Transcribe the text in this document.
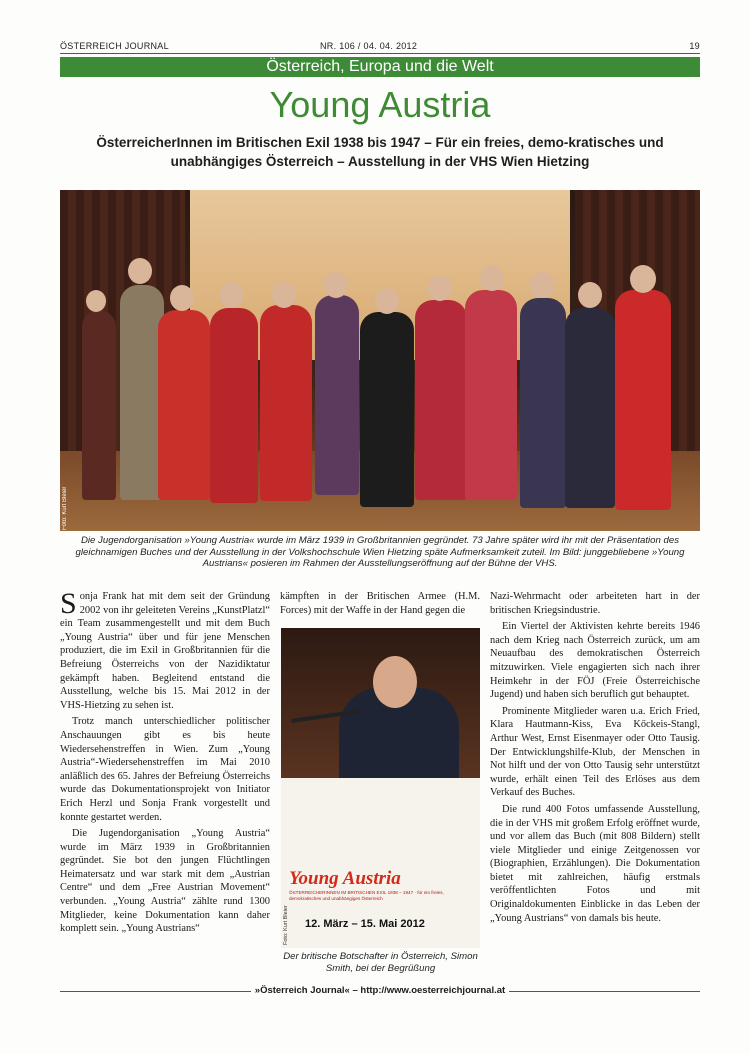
ÖSTERREICH JOURNAL	NR. 106 / 04. 04. 2012	19
Österreich, Europa und die Welt
Young Austria
ÖsterreicherInnen im Britischen Exil 1938 bis 1947 – Für ein freies, demo-kratisches und unabhängiges Österreich – Ausstellung in der VHS Wien Hietzing
Foto: Kurt Bleier
Die Jugendorganisation »Young Austria« wurde im März 1939 in Großbritannien gegründet. 73 Jahre später wird ihr mit der Präsentation des gleichnamigen Buches und der Ausstellung in der Volkshochschule Wien Hietzing späte Aufmerksamkeit zuteil. Im Bild: junggebliebene »Young Austrians« posieren im Rahmen der Ausstellungseröffnung auf der Bühne der VHS.

Sonja Frank hat mit dem seit der Gründung 2002 von ihr geleiteten Vereins „KunstPlatzl“ ein Team zusammengestellt und mit dem Buch „Young Austria“ über und für jene Menschen produziert, die im Exil in Großbritannien für die Befreiung Österreichs von der Nazidiktatur gekämpft haben. Begleitend entstand die Ausstellung, welche bis 15. Mai 2012 in der VHS-Hietzing zu sehen ist.

Trotz manch unterschiedlicher politischer Anschauungen gibt es bis heute Wiedersehenstreffen in Wien. Zum „Young Austria“-Wiedersehenstreffen im Mai 2010 anläßlich des 65. Jahres der Befreiung Österreichs wurde das Dokumentationsprojekt von Initiator Erich Herzl und Sonja Frank vorgestellt und konnte gestartet werden.

Die Jugendorganisation „Young Austria“ wurde im März 1939 in Großbritannien gegründet. Sie bot den jungen Flüchtlingen Heimatersatz und war stark mit dem „Austrian Centre“ und dem „Free Austrian Movement“ verbunden. „Young Austria“ zählte rund 1300 Mitglieder, keine Dokumentation kann daher komplett sein. „Young Austrians“

kämpften in der Britischen Armee (H.M. Forces) mit der Waffe in der Hand gegen die

Young Austria
ÖSTERREICHERINNEN IM BRITISCHEN EXIL 1938 – 1947 · für ein freies, demokratisches und unabhängiges Österreich
12. März – 15. Mai 2012
Foto: Kurt Bleier
Der britische Botschafter in Österreich, Simon Smith, bei der Begrüßung

Nazi-Wehrmacht oder arbeiteten hart in der britischen Kriegsindustrie.

Ein Viertel der Aktivisten kehrte bereits 1946 nach dem Krieg nach Österreich zurück, um am Neuaufbau des demokratischen Österreich mitzuwirken. Viele engagierten sich nach ihrer Heimkehr in der FÖJ (Freie Österreichische Jugend) und haben sich beruflich gut behauptet.

Prominente Mitglieder waren u.a. Erich Fried, Klara Hautmann-Kiss, Eva Kőckeis-Stangl, Arthur West, Ernst Eisenmayer oder Otto Tausig. Der Entwicklungshilfe-Klub, der Menschen in Not hilft und der von Otto Tausig sehr unterstützt wurde, erhält einen Teil des Erlöses aus dem Verkauf des Buches.

Die rund 400 Fotos umfassende Ausstellung, die in der VHS mit großem Erfolg eröffnet wurde, und vor allem das Buch (mit 808 Bildern) stellt viele Mitglieder und einige Zeitgenossen vor (Biographien, Erzählungen). Die Dokumentation bietet mit zahlreichen, häufig erstmals veröffentlichten Fotos und mit Originaldokumenten Einblicke in das Leben der „Young Austrians“ von damals bis heute.

»Österreich Journal« – http://www.oesterreichjournal.at
